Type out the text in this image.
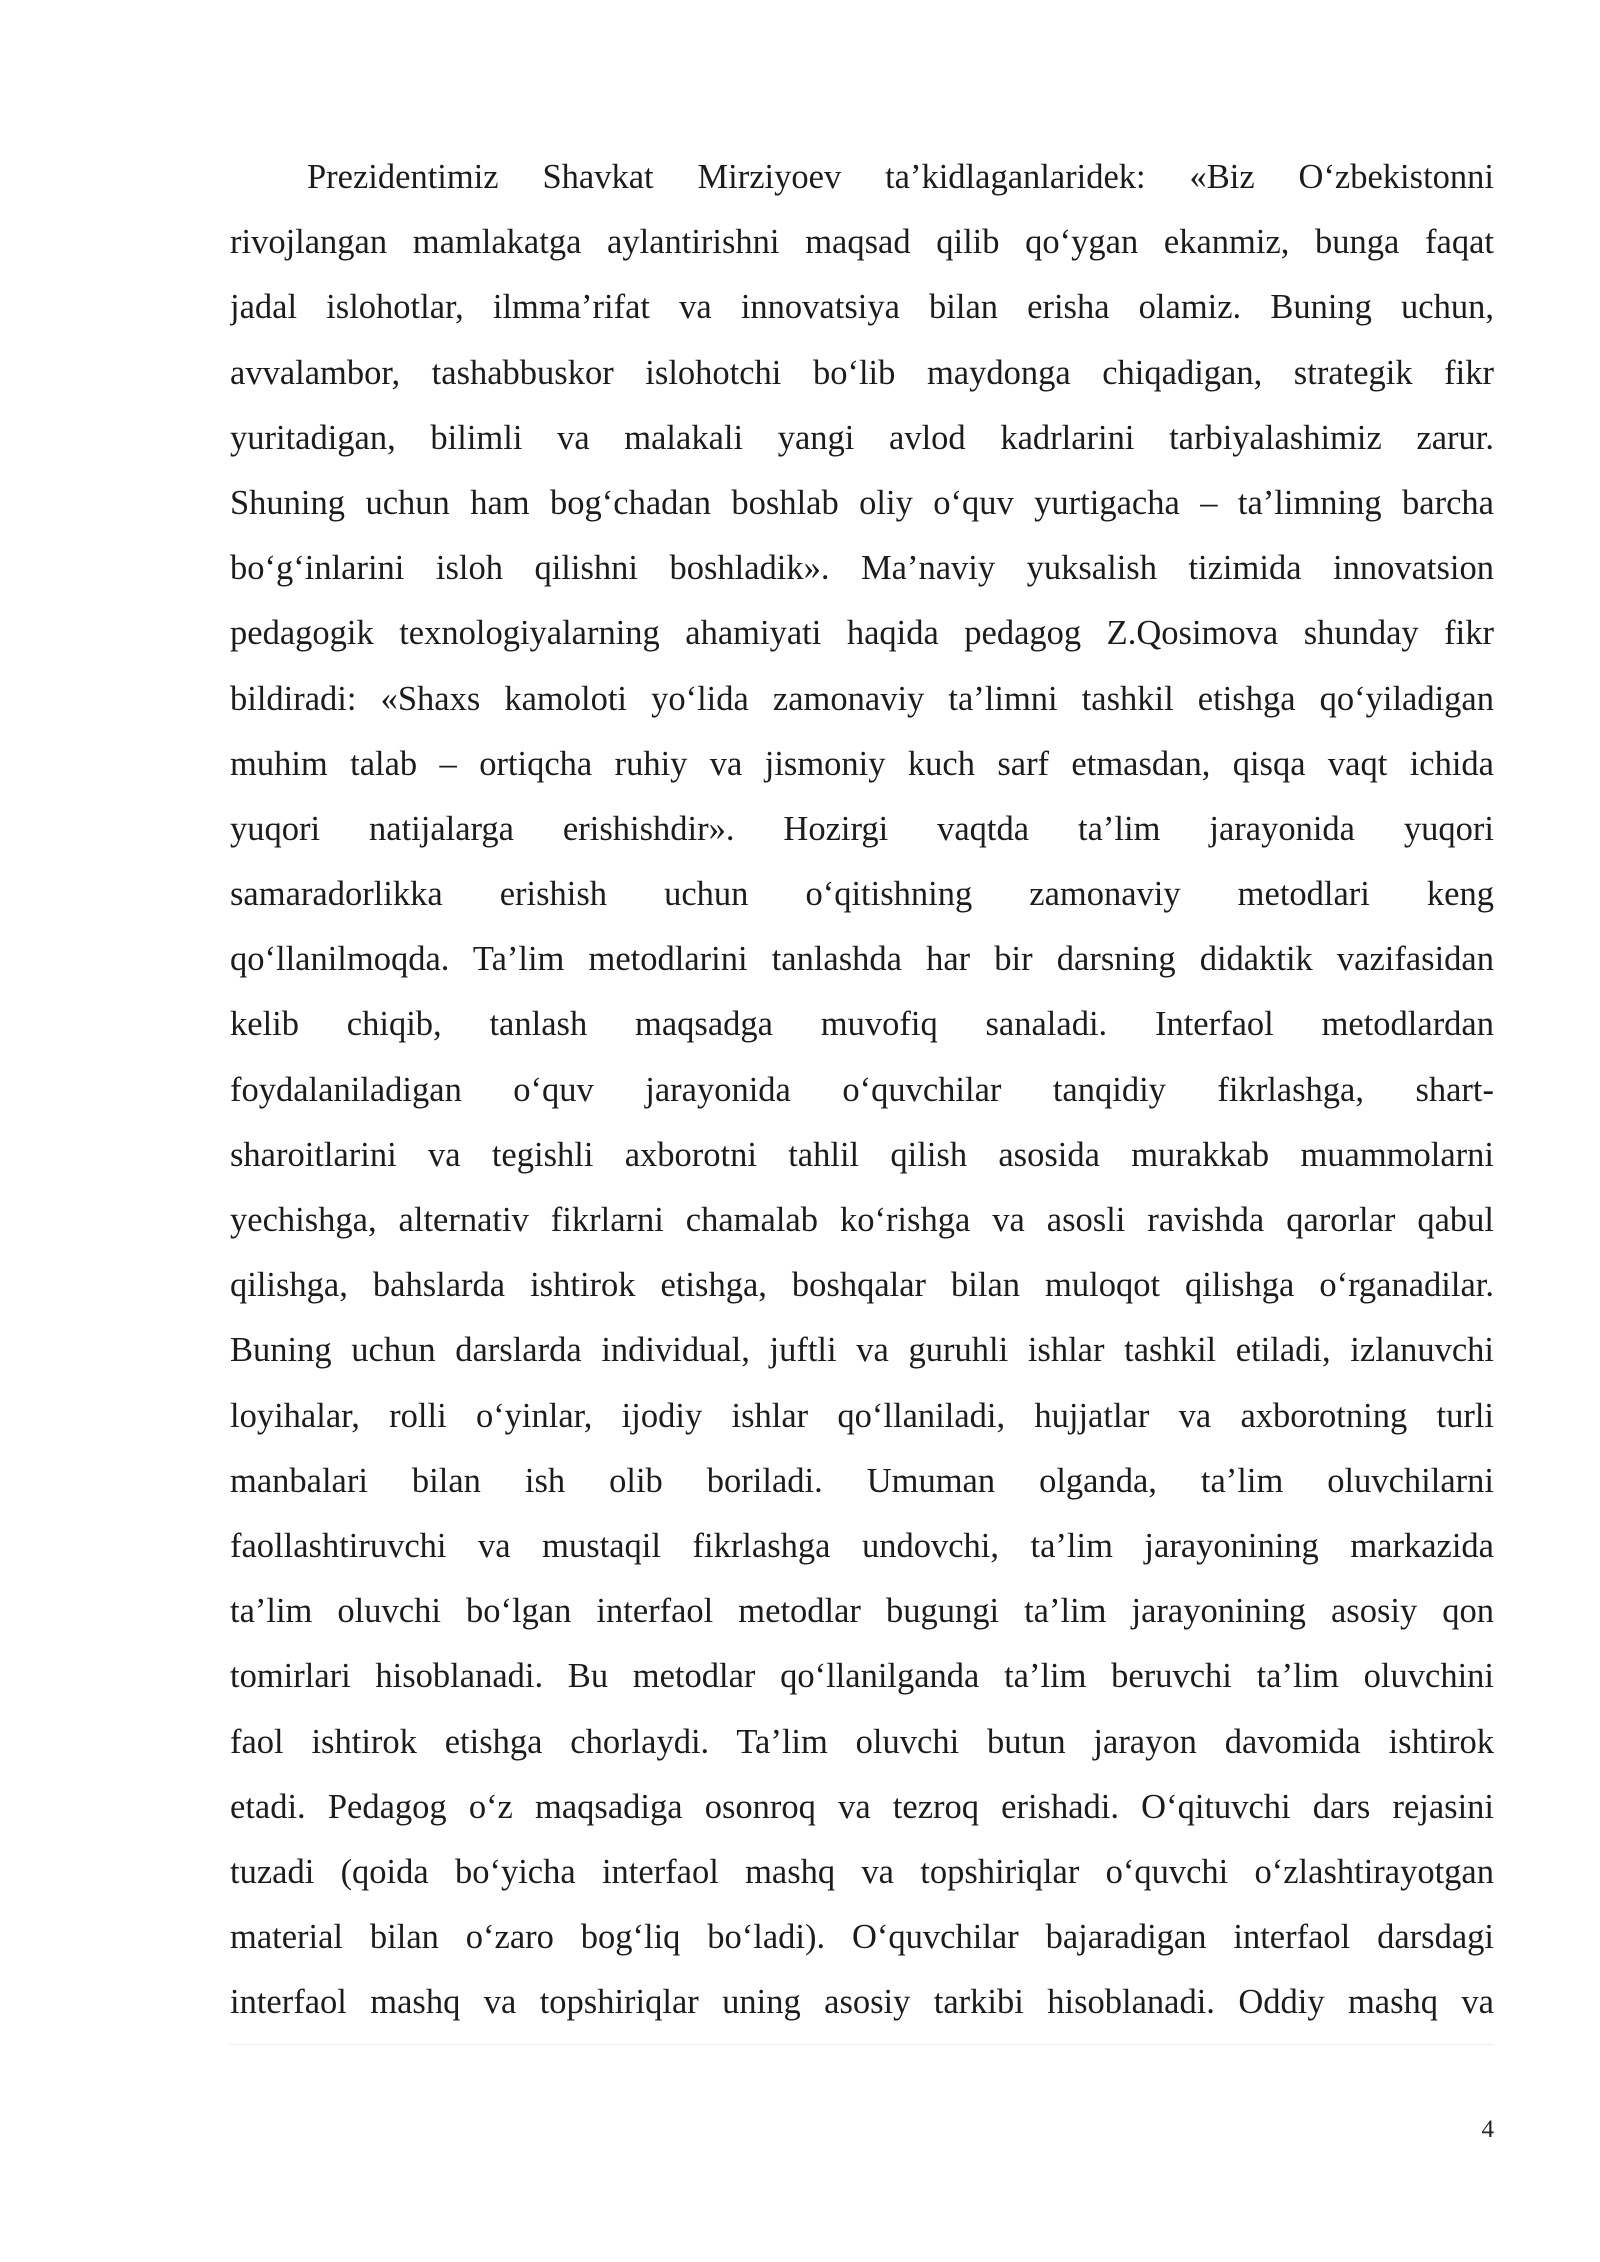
Prezidentimiz Shavkat Mirziyoev ta’kidlaganlaridek: «Biz O‘zbekistonni
rivojlangan mamlakatga aylantirishni maqsad qilib qo‘ygan ekanmiz, bunga faqat
jadal islohotlar, ilmma’rifat va innovatsiya bilan erisha olamiz. Buning uchun,
avvalambor, tashabbuskor islohotchi bo‘lib maydonga chiqadigan, strategik fikr
yuritadigan, bilimli va malakali yangi avlod kadrlarini tarbiyalashimiz zarur.
Shuning uchun ham bog‘chadan boshlab oliy o‘quv yurtigacha – ta’limning barcha
bo‘g‘inlarini isloh qilishni boshladik». Ma’naviy yuksalish tizimida innovatsion
pedagogik texnologiyalarning ahamiyati haqida pedagog Z.Qosimova shunday fikr
bildiradi: «Shaxs kamoloti yo‘lida zamonaviy ta’limni tashkil etishga qo‘yiladigan
muhim talab – ortiqcha ruhiy va jismoniy kuch sarf etmasdan, qisqa vaqt ichida
yuqori natijalarga erishishdir». Hozirgi vaqtda ta’lim jarayonida yuqori
samaradorlikka erishish uchun o‘qitishning zamonaviy metodlari keng
qo‘llanilmoqda. Ta’lim metodlarini tanlashda har bir darsning didaktik vazifasidan
kelib chiqib, tanlash maqsadga muvofiq sanaladi. Interfaol metodlardan
foydalaniladigan o‘quv jarayonida o‘quvchilar tanqidiy fikrlashga, shart-
sharoitlarini va tegishli axborotni tahlil qilish asosida murakkab muammolarni
yechishga, alternativ fikrlarni chamalab ko‘rishga va asosli ravishda qarorlar qabul
qilishga, bahslarda ishtirok etishga, boshqalar bilan muloqot qilishga o‘rganadilar.
Buning uchun darslarda individual, juftli va guruhli ishlar tashkil etiladi, izlanuvchi
loyihalar, rolli o‘yinlar, ijodiy ishlar qo‘llaniladi, hujjatlar va axborotning turli
manbalari bilan ish olib boriladi. Umuman olganda, ta’lim oluvchilarni
faollashtiruvchi va mustaqil fikrlashga undovchi, ta’lim jarayonining markazida
ta’lim oluvchi bo‘lgan interfaol metodlar bugungi ta’lim jarayonining asosiy qon
tomirlari hisoblanadi. Bu metodlar qo‘llanilganda ta’lim beruvchi ta’lim oluvchini
faol ishtirok etishga chorlaydi. Ta’lim oluvchi butun jarayon davomida ishtirok
etadi. Pedagog o‘z maqsadiga osonroq va tezroq erishadi. O‘qituvchi dars rejasini
tuzadi (qoida bo‘yicha interfaol mashq va topshiriqlar o‘quvchi o‘zlashtirayotgan
material bilan o‘zaro bog‘liq bo‘ladi). O‘quvchilar bajaradigan interfaol darsdagi
interfaol mashq va topshiriqlar uning asosiy tarkibi hisoblanadi. Oddiy mashq va
4
